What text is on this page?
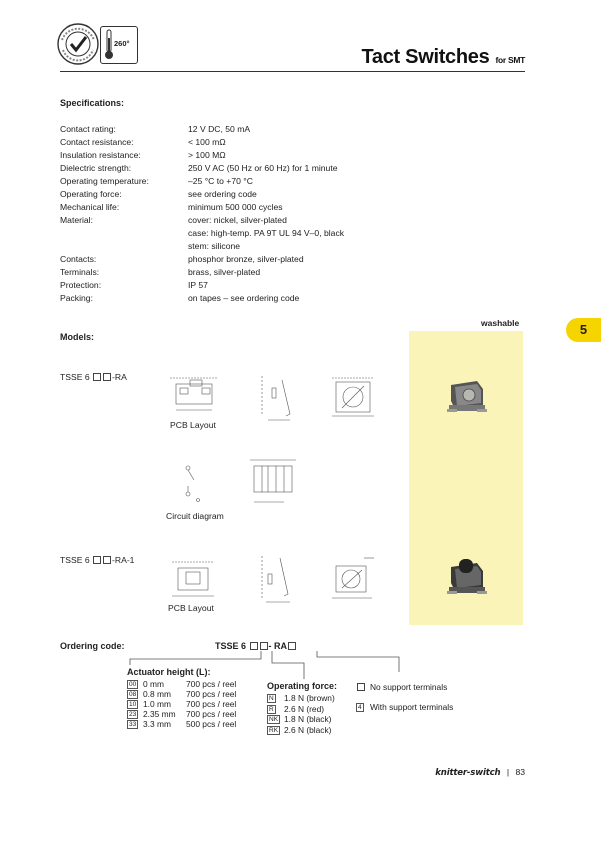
260°
Tact Switches for SMT
Specifications:
Contact rating:	12 V DC, 50 mA
Contact resistance:	< 100 mΩ
Insulation resistance:	> 100 MΩ
Dielectric strength:	250 V AC (50 Hz or 60 Hz) for 1 minute
Operating temperature:	–25 °C to +70 °C
Operating force:	see ordering code
Mechanical life:	minimum 500 000 cycles
Material:	cover: nickel, silver-plated
case: high-temp. PA 9T UL 94 V–0, black
stem: silicone
Contacts:	phosphor bronze, silver-plated
Terminals:	brass, silver-plated
Protection:	IP 57
Packing:	on tapes – see ordering code
washable	5
Models:
TSSE 6	-RA
PCB Layout
Circuit diagram
TSSE 6	-RA-1
PCB Layout
Ordering code:	TSSE 6	- RA
Actuator height (L):
00 0 mm	700 pcs / reel
08 0.8 mm 700 pcs / reel
10 1.0 mm 700 pcs / reel
23 2.35 mm 700 pcs / reel
33 3.3 mm 500 pcs / reel
Operating force:
N 1.8 N (brown)
R 2.6 N (red)
NK 1.8 N (black)
RK 2.6 N (black)
No support terminals
4 With support terminals
knitter-switch | 83
